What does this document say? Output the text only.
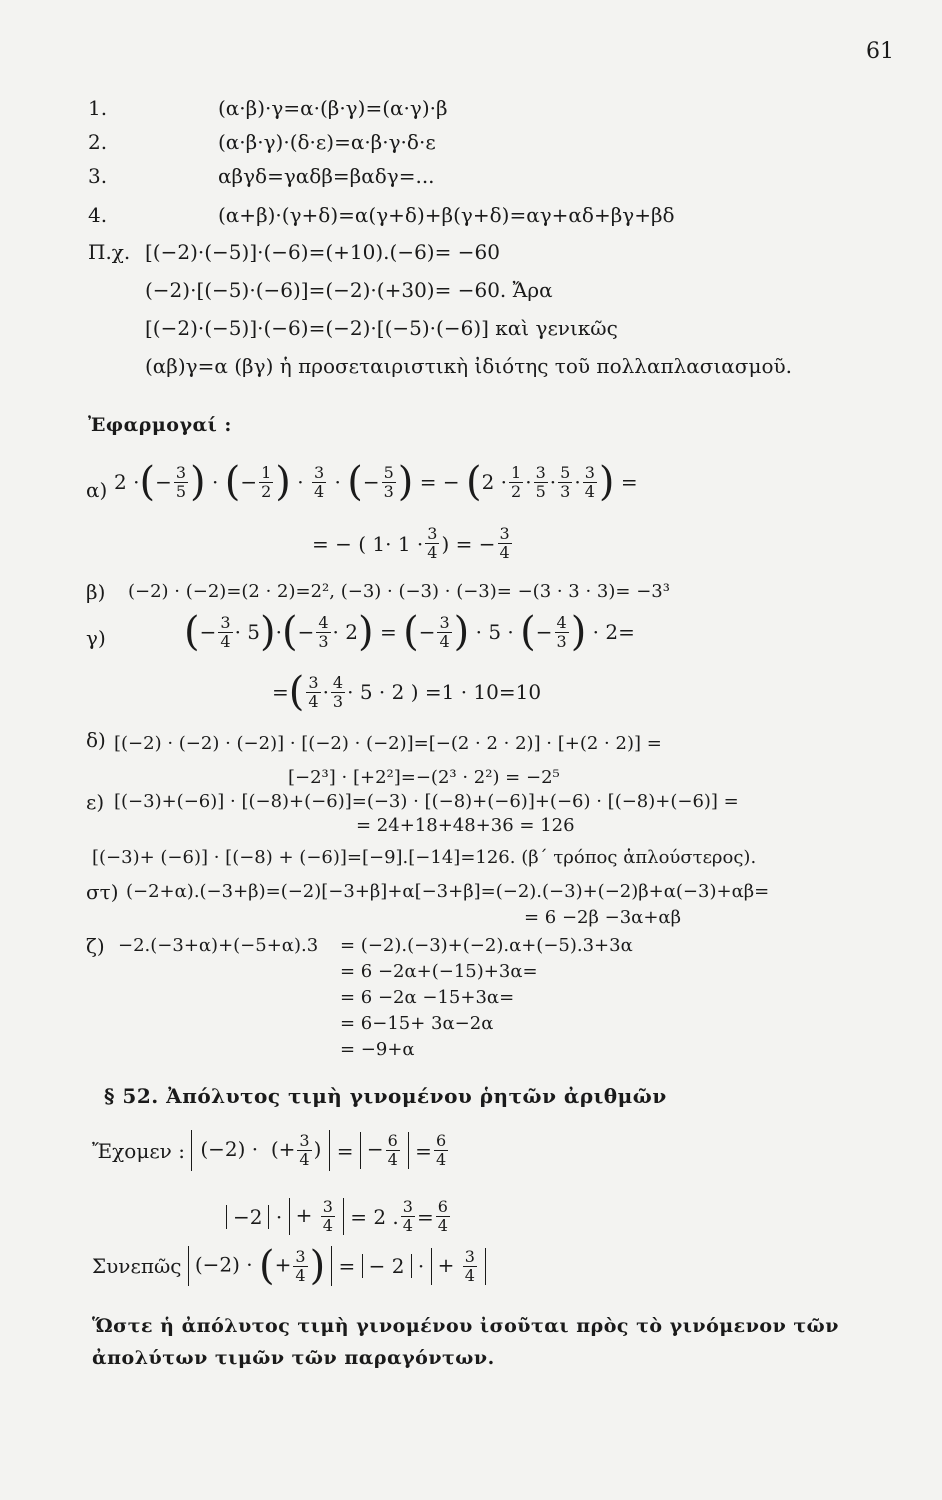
61
1.	(α·β)·γ=α·(β·γ)=(α·γ)·β
2.	(α·β·γ)·(δ·ε)=α·β·γ·δ·ε
3.	αβγδ=γαδβ=βαδγ=...
4.	(α+β)·(γ+δ)=α(γ+δ)+β(γ+δ)=αγ+αδ+βγ+βδ
Π.χ. [(−2)·(−5)]·(−6)=(+10).(−6)= −60
(−2)·[(−5)·(−6)]=(−2)·(+30)= −60. Ἄρα
[(−2)·(−5)]·(−6)=(−2)·[(−5)·(−6)] καὶ γενικῶς
(αβ)γ=α (βγ) ἡ προσεταιριστικὴ ἰδιότης τοῦ πολλαπλασιασμοῦ.
Ἐφαρμογαί :
α) 2 · ( − $\frac{3}{5}$ ) · ( − $\frac{1}{2}$ ) · $\frac{3}{4}$ · ( − $\frac{5}{3}$ ) = − ( $2 \cdot \frac{1}{2} \cdot \frac{3}{5} \cdot \frac{5}{3} \cdot \frac{3}{4}$ ) =
= − ( $1\cdot 1 \cdot \frac{3}{4}$ ) = − $\frac{3}{4}$
β) (−2) · (−2)=(2 · 2)=2², (−3) · (−3) · (−3)= −(3 · 3 · 3)= −3³
γ) ( − $\frac{3}{4} \cdot 5$ ) · ( − $\frac{4}{3} \cdot 2$ ) = ( − $\frac{3}{4}$ ) · 5 · ( − $\frac{4}{3}$ ) · 2=
= ( $\frac{3}{4} \cdot \frac{4}{3} \cdot 5 \cdot 2$ ) =1 · 10=10
δ) [(−2) · (−2) · (−2)] · [(−2) · (−2)]=[−(2 · 2 · 2)] · [+(2 · 2)] =
[−2³] · [+2²]=−(2³ · 2²) = −2⁵
ε) [(−3)+(−6)] · [(−8)+(−6)]=(−3) · [(−8)+(−6)]+(−6) · [(−8)+(−6)] =
= 24+18+48+36 = 126
[(−3)+ (−6)] · [(−8) + (−6)]=[−9].[−14]=126. (β΄ τρόπος ἁπλούστερος).
στ) (−2+α).(−3+β)=(−2)[−3+β]+α[−3+β]=(−2).(−3)+(−2)β+α(−3)+αβ=
= 6 −2β −3α+αβ
ζ) −2.(−3+α)+(−5+α).3 = (−2).(−3)+(−2).α+(−5).3+3α
= 6 −2α+(−15)+3α=
= 6 −2α −15+3α=
= 6−15+ 3α−2α
= −9+α
§ 52. Ἀπόλυτος τιμὴ γινομένου ῥητῶν ἀριθμῶν
Ἔχομεν :
(−2) ·  (+ $\frac{3}{4}$ ) = − $\frac{6}{4} = \frac{6}{4}$
−2 · + $\frac{3}{4} = 2$ . $\frac{3}{4} = \frac{6}{4}$
Συνεπῶς
(−2) · (+ $\frac{3}{4}$ ) = − 2 · + $\frac{3}{4}$
Ὥστε ἡ ἀπόλυτος τιμὴ γινομένου ἰσοῦται πρὸς τὸ γινόμενον τῶν
ἀπολύτων τιμῶν τῶν παραγόντων.
